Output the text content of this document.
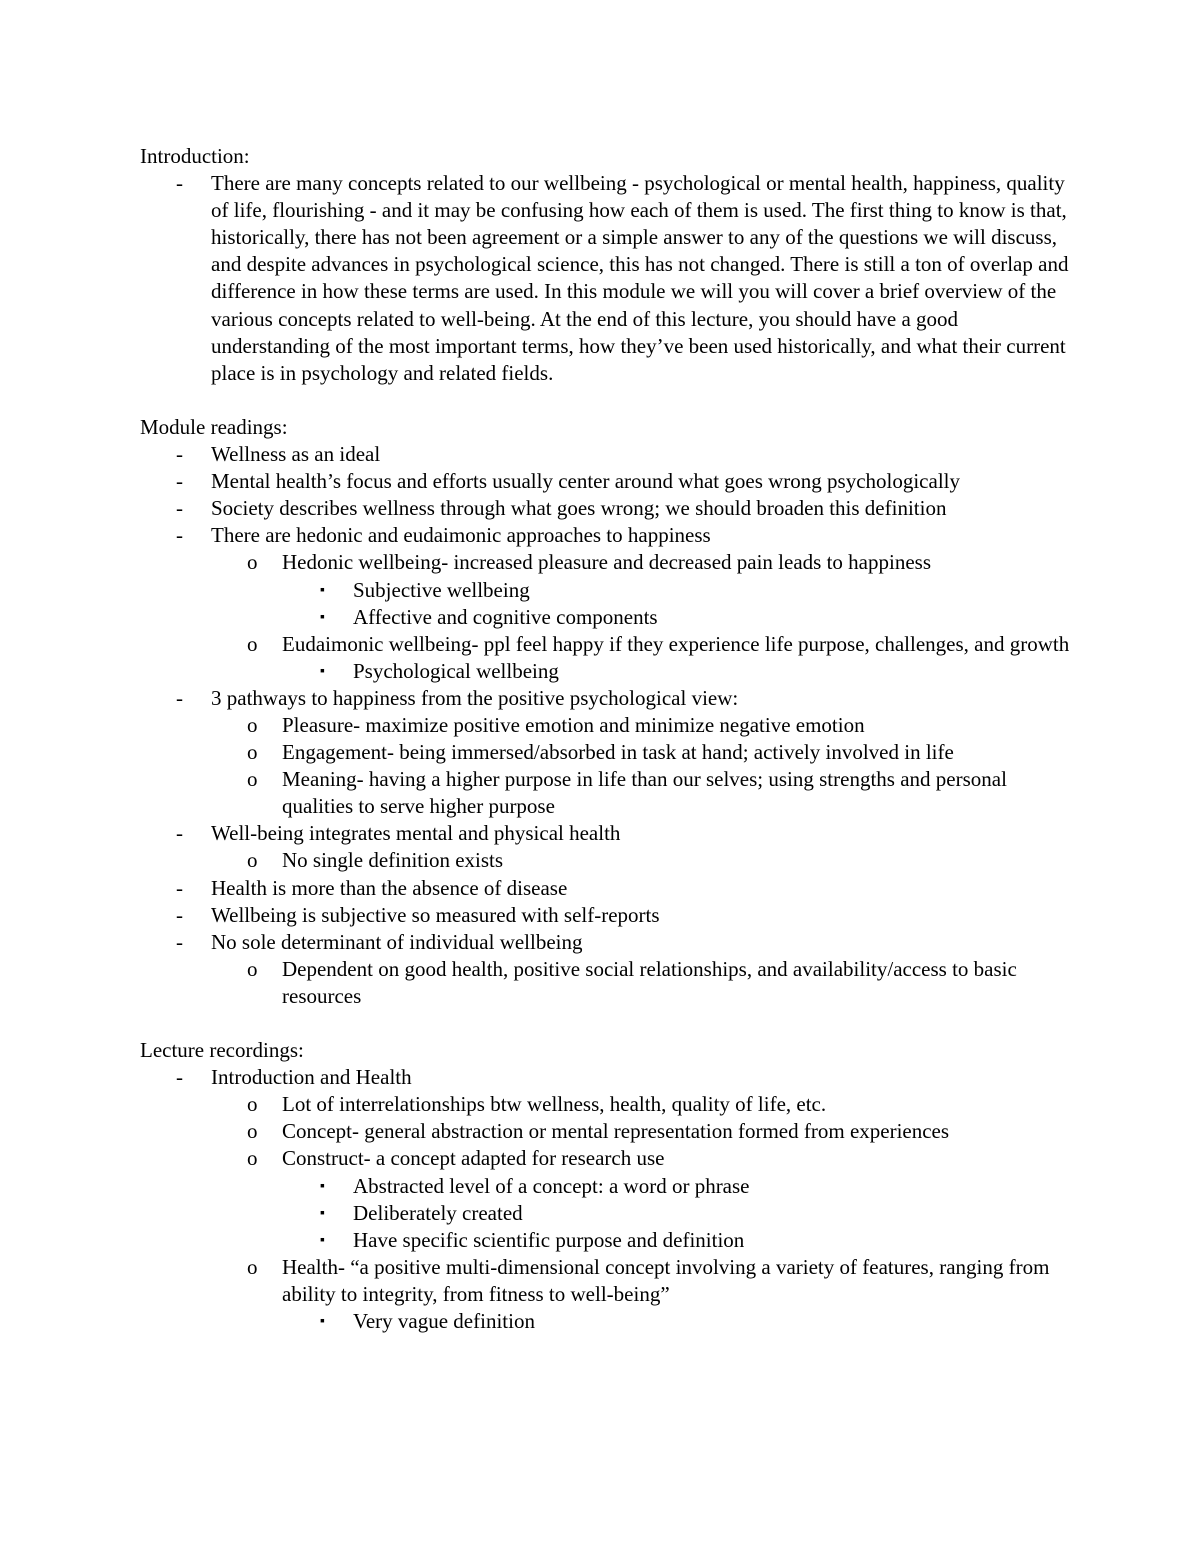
Introduction:
-	There are many concepts related to our wellbeing - psychological or mental health, happiness, quality of life, flourishing - and it may be confusing how each of them is used. The first thing to know is that, historically, there has not been agreement or a simple answer to any of the questions we will discuss, and despite advances in psychological science, this has not changed. There is still a ton of overlap and difference in how these terms are used. In this module we will you will cover a brief overview of the various concepts related to well-being. At the end of this lecture, you should have a good understanding of the most important terms, how they’ve been used historically, and what their current place is in psychology and related fields.
Module readings:
-	Wellness as an ideal
-	Mental health’s focus and efforts usually center around what goes wrong psychologically
-	Society describes wellness through what goes wrong; we should broaden this definition
-	There are hedonic and eudaimonic approaches to happiness
o	Hedonic wellbeing- increased pleasure and decreased pain leads to happiness
▪	Subjective wellbeing
▪	Affective and cognitive components
o	Eudaimonic wellbeing- ppl feel happy if they experience life purpose, challenges, and growth
▪	Psychological wellbeing
-	3 pathways to happiness from the positive psychological view:
o	Pleasure- maximize positive emotion and minimize negative emotion
o	Engagement- being immersed/absorbed in task at hand; actively involved in life
o	Meaning- having a higher purpose in life than our selves; using strengths and personal qualities to serve higher purpose
-	Well-being integrates mental and physical health
o	No single definition exists
-	Health is more than the absence of disease
-	Wellbeing is subjective so measured with self-reports
-	No sole determinant of individual wellbeing
o	Dependent on good health, positive social relationships, and availability/access to basic resources
Lecture recordings:
-	Introduction and Health
o	Lot of interrelationships btw wellness, health, quality of life, etc.
o	Concept- general abstraction or mental representation formed from experiences
o	Construct- a concept adapted for research use
▪	Abstracted level of a concept: a word or phrase
▪	Deliberately created
▪	Have specific scientific purpose and definition
o	Health- “a positive multi-dimensional concept involving a variety of features, ranging from ability to integrity, from fitness to well-being”
▪	Very vague definition
